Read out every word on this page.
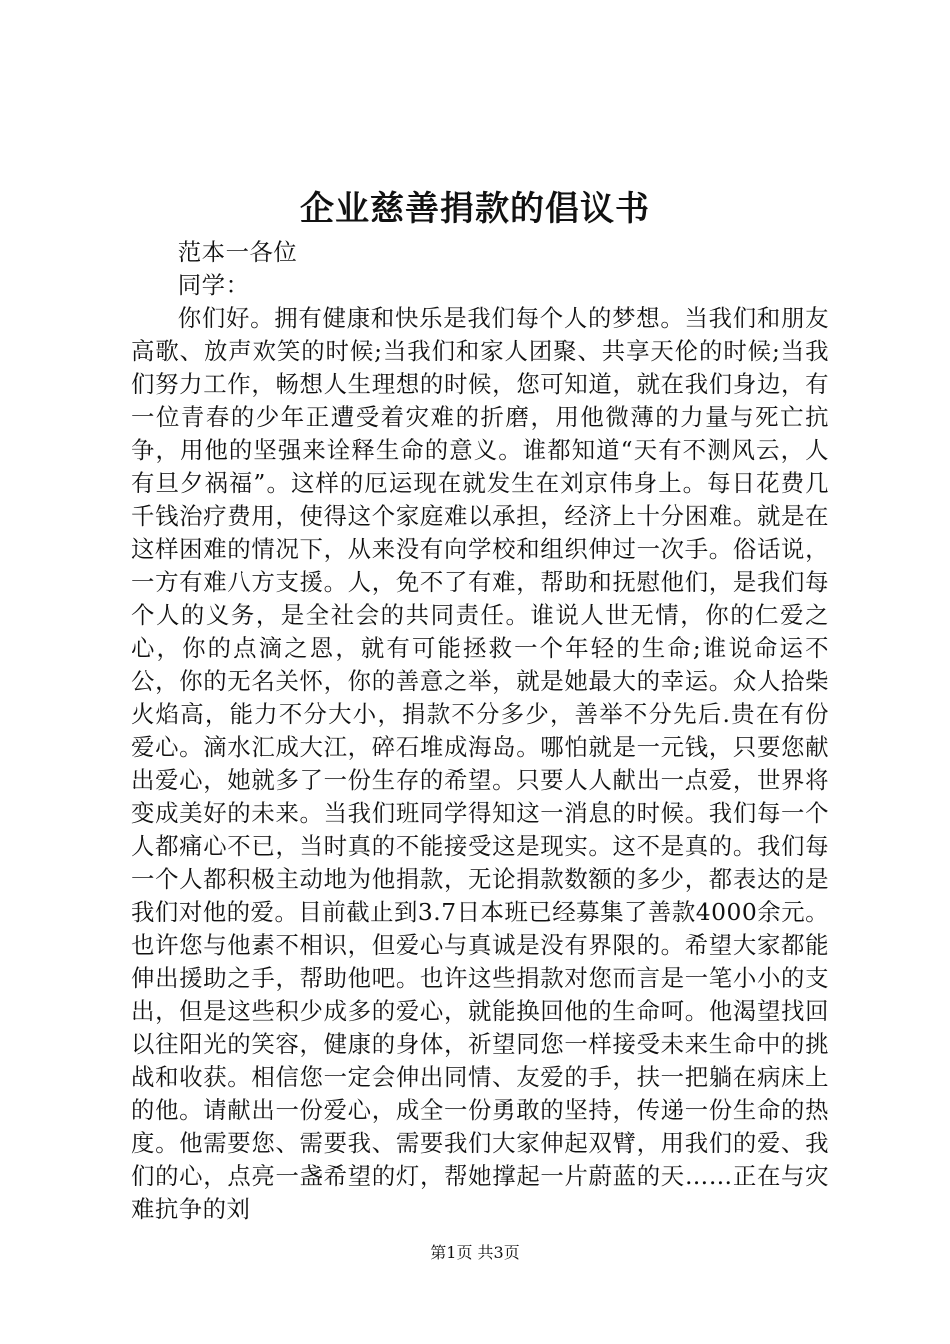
企业慈善捐款的倡议书

范本一各位

同学：

你们好。拥有健康和快乐是我们每个人的梦想。当我们和朋友高歌、放声欢笑的时候;当我们和家人团聚、共享天伦的时候;当我们努力工作，畅想人生理想的时候，您可知道，就在我们身边，有一位青春的少年正遭受着灾难的折磨，用他微薄的力量与死亡抗争，用他的坚强来诠释生命的意义。谁都知道“天有不测风云，人有旦夕祸福”。这样的厄运现在就发生在刘京伟身上。每日花费几千钱治疗费用，使得这个家庭难以承担，经济上十分困难。就是在这样困难的情况下，从来没有向学校和组织伸过一次手。俗话说，一方有难八方支援。人，免不了有难，帮助和抚慰他们，是我们每个人的义务，是全社会的共同责任。谁说人世无情，你的仁爱之心，你的点滴之恩，就有可能拯救一个年轻的生命;谁说命运不公，你的无名关怀，你的善意之举，就是她最大的幸运。众人拾柴火焰高，能力不分大小，捐款不分多少，善举不分先后.贵在有份爱心。滴水汇成大江，碎石堆成海岛。哪怕就是一元钱，只要您献出爱心，她就多了一份生存的希望。只要人人献出一点爱，世界将变成美好的未来。当我们班同学得知这一消息的时候。我们每一个人都痛心不已，当时真的不能接受这是现实。这不是真的。我们每一个人都积极主动地为他捐款，无论捐款数额的多少，都表达的是我们对他的爱。目前截止到3.7日本班已经募集了善款4000余元。也许您与他素不相识，但爱心与真诚是没有界限的。希望大家都能伸出援助之手，帮助他吧。也许这些捐款对您而言是一笔小小的支出，但是这些积少成多的爱心，就能换回他的生命呵。他渴望找回以往阳光的笑容，健康的身体，祈望同您一样接受未来生命中的挑战和收获。相信您一定会伸出同情、友爱的手，扶一把躺在病床上的他。请献出一份爱心，成全一份勇敢的坚持，传递一份生命的热度。他需要您、需要我、需要我们大家伸起双臂，用我们的爱、我们的心，点亮一盏希望的灯，帮她撑起一片蔚蓝的天……正在与灾难抗争的刘

第1页 共3页
